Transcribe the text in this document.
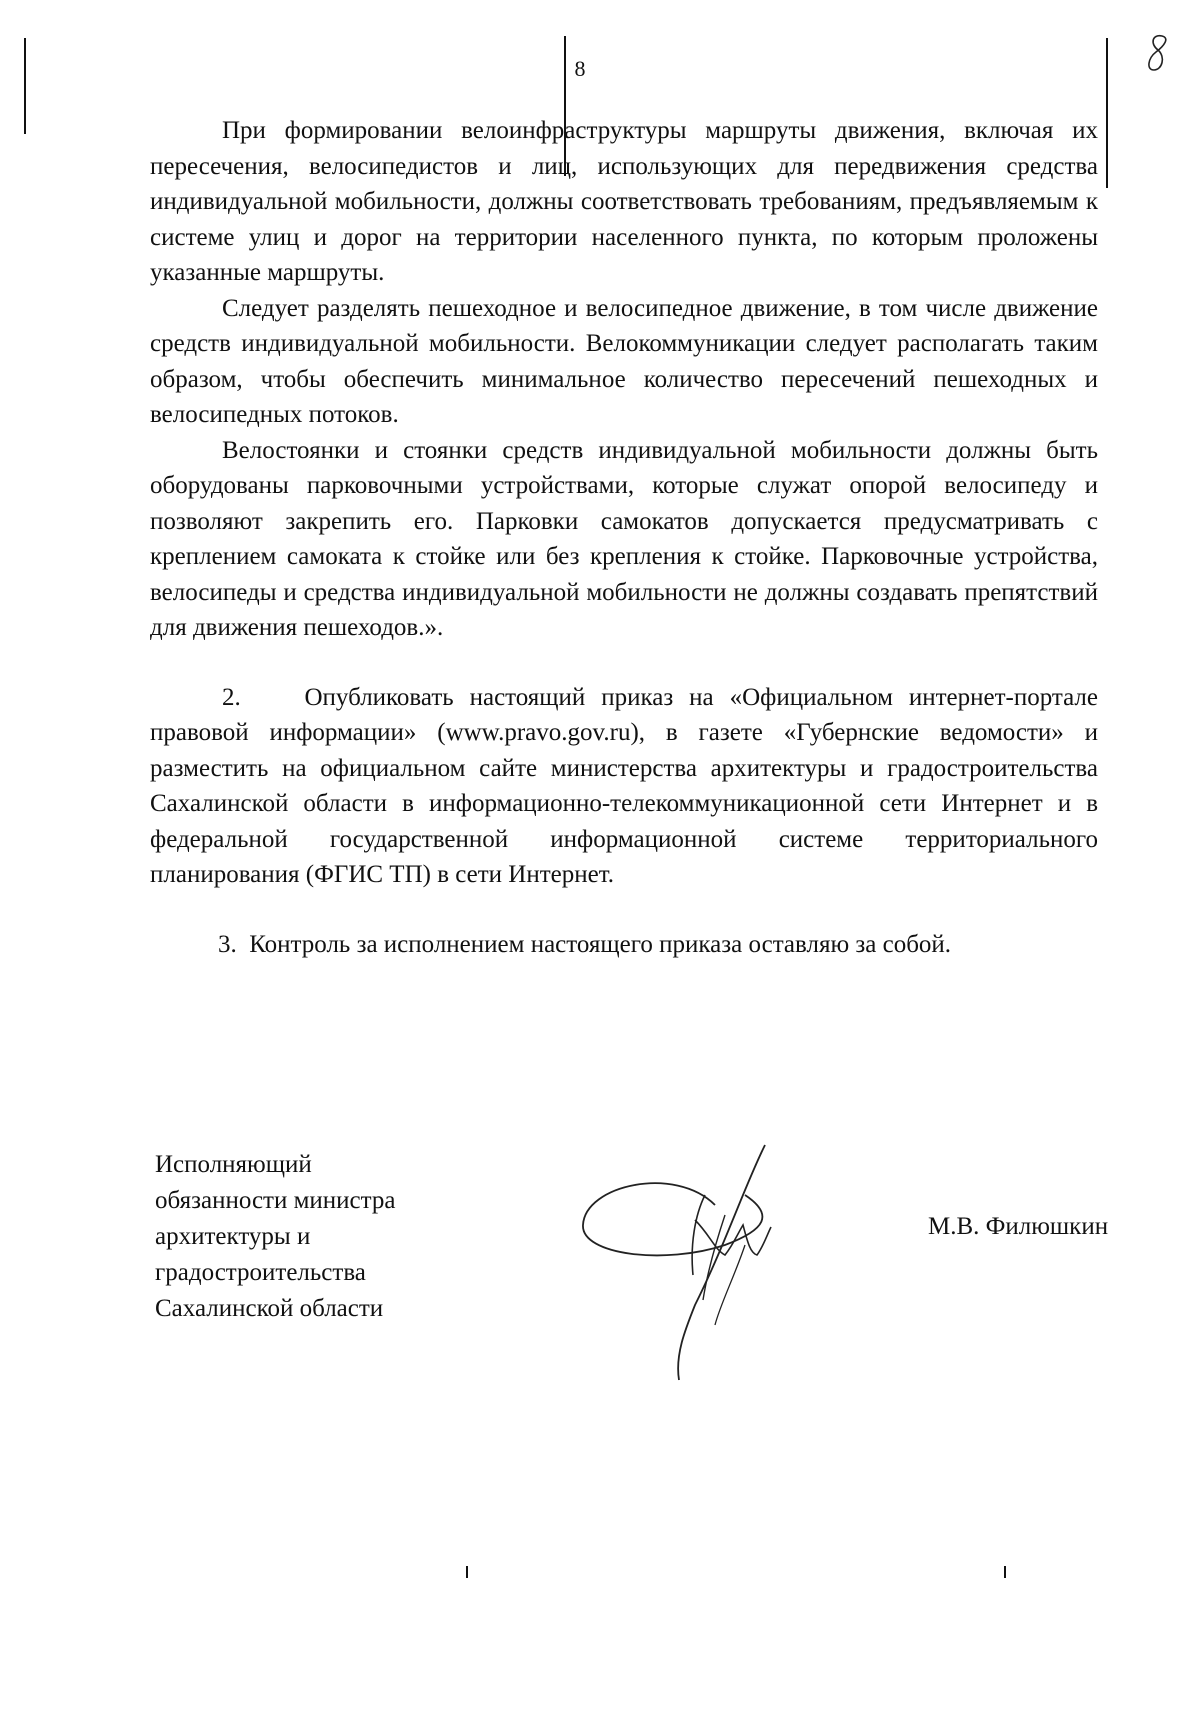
8

При формировании велоинфраструктуры маршруты движения, включая их пересечения, велосипедистов и лиц, использующих для передвижения средства индивидуальной мобильности, должны соответствовать требованиям, предъявляемым к системе улиц и дорог на территории населенного пункта, по которым проложены указанные маршруты.

Следует разделять пешеходное и велосипедное движение, в том числе движение средств индивидуальной мобильности. Велокоммуникации следует располагать таким образом, чтобы обеспечить минимальное количество пересечений пешеходных и велосипедных потоков.

Велостоянки и стоянки средств индивидуальной мобильности должны быть оборудованы парковочными устройствами, которые служат опорой велосипеду и позволяют закрепить его. Парковки самокатов допускается предусматривать с креплением самоката к стойке или без крепления к стойке. Парковочные устройства, велосипеды и средства индивидуальной мобильности не должны создавать препятствий для движения пешеходов.».

2.	Опубликовать настоящий приказ на «Официальном интернет-портале правовой информации» (www.pravo.gov.ru), в газете «Губернские ведомости» и разместить на официальном сайте министерства архитектуры и градостроительства Сахалинской области в информационно-телекоммуникационной сети Интернет и в федеральной государственной информационной системе территориального планирования (ФГИС ТП) в сети Интернет.

3. Контроль за исполнением настоящего приказа оставляю за собой.

Исполняющий
обязанности министра
архитектуры и
градостроительства
Сахалинской области
М.В. Филюшкин
